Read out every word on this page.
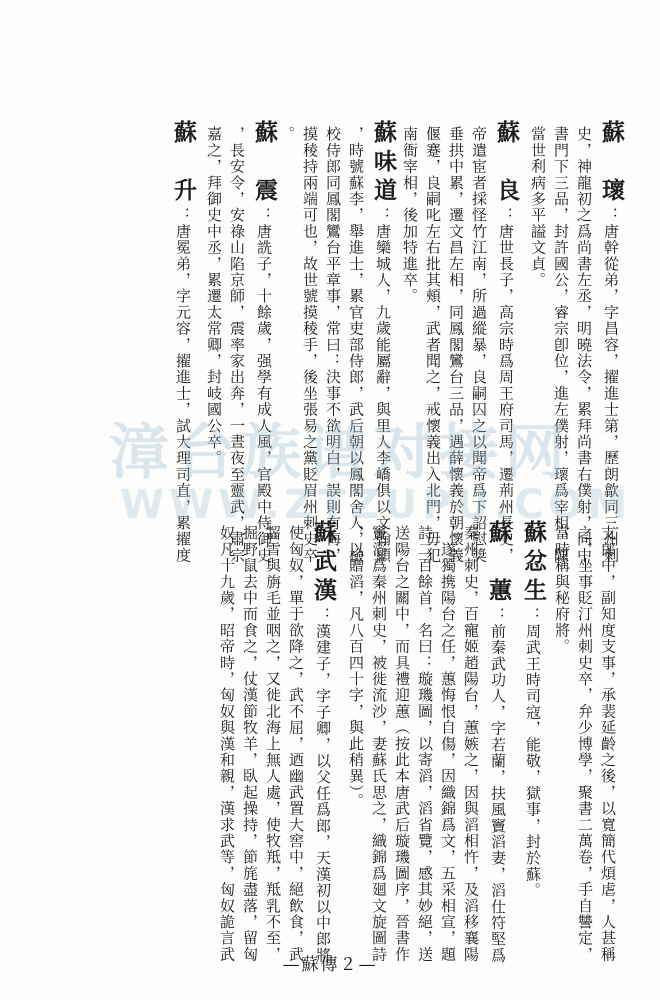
蘇　瓌：唐幹從弟，字昌容，擢進士第，歷朗歙同三州刺
史，神龍初之爲尚書左丞，明曉法令，累拜尚書右僕射，同中
書門下三品，封許國公，睿宗卽位，進左僕射，瓌爲宰相，陳
當世利病多平謚文貞。
蘇　良：唐世長子，高宗時爲周王府司馬，遷荊州長史，
帝遣宦者採怪竹江南，所過縱暴，良嗣囚之以聞帝爲下詔慰獎
垂拱中累，遷文昌左相，同鳳閣鸞台三品，遇薛懷義於朝懷義
偃蹇，良嗣叱左右批其頰，武者聞之，戒懷義出入北門，毋犯
南衙宰相，後加特進卒。
蘇味道：唐欒城人，九歲能屬辭，與里人李嶠俱以文翰顯
，時號蘇李，舉進士，累官吏部侍郎，武后朝以鳳閣舍人，檢
校侍郎同鳳閣鸞台平章事，常曰：決事不欲明白，誤則有悔，
摸稜持兩端可也，故世號摸稜手，後坐張易之黨貶眉州刺史卒
。
蘇　震：唐詵子，十餘歲，强學有成人風，官殿中侍御史
，長安令，安祿山陷京師，震率家出奔，一晝夜至靈武，肅宗
嘉之，拜御史中丞，累遷太常卿，封岐國公卒。
蘇　升：唐冕弟，字元容，擢進士，試大理司直，累擢度
支郎中，副知度支事，承裴延齡之後，以寬簡代煩虐，人甚稱
之，坐事貶汀州刺史卒，弁少博學，聚書二萬卷，手自讐定，
當時稱與秘府將。
蘇忿生：周武王時司寇，能敬，獄事，封於蘇。
蘇　蕙：前秦武功人，字若蘭，扶風竇滔妻，滔仕符堅爲
秦州刺史，百寵姬趙陽台，蕙嫉之，因與滔相忤，及滔移襄陽
，遂獨携陽台之任，蕙悔恨自傷，因織錦爲文，五采相宣，題
詩二百餘首，名曰：璇璣圖，以寄滔，滔省覽，感其妙絕，送
送陽台之關中，而具禮迎蕙（按此本唐武后璇璣圖序，晉書作
竇滔爲秦州刺史，被徙流沙，妻蘇氏思之，織錦爲廻文旋圖詩
，以贈滔，凡八百四十字，與此稍異）。
蘇武漢：漢建子，字子卿，以父任爲郎，天漢初以中郎將
使匈奴，單于欲降之，武不屈，迺幽武置大窖中，絕飲食，武
齧雪與旃毛並咽之，又徙北海上無人處，使牧羝，羝乳不至，
掘野鼠去中而食之，仗漢節牧羊，臥起操持，節旄盡落，留匈
奴凡十九歲，昭帝時，匈奴與漢和親，漢求武等，匈奴詭言武
漳台族谱对接网
WWW.ZTZUPU.COM
—蘇傳２—
